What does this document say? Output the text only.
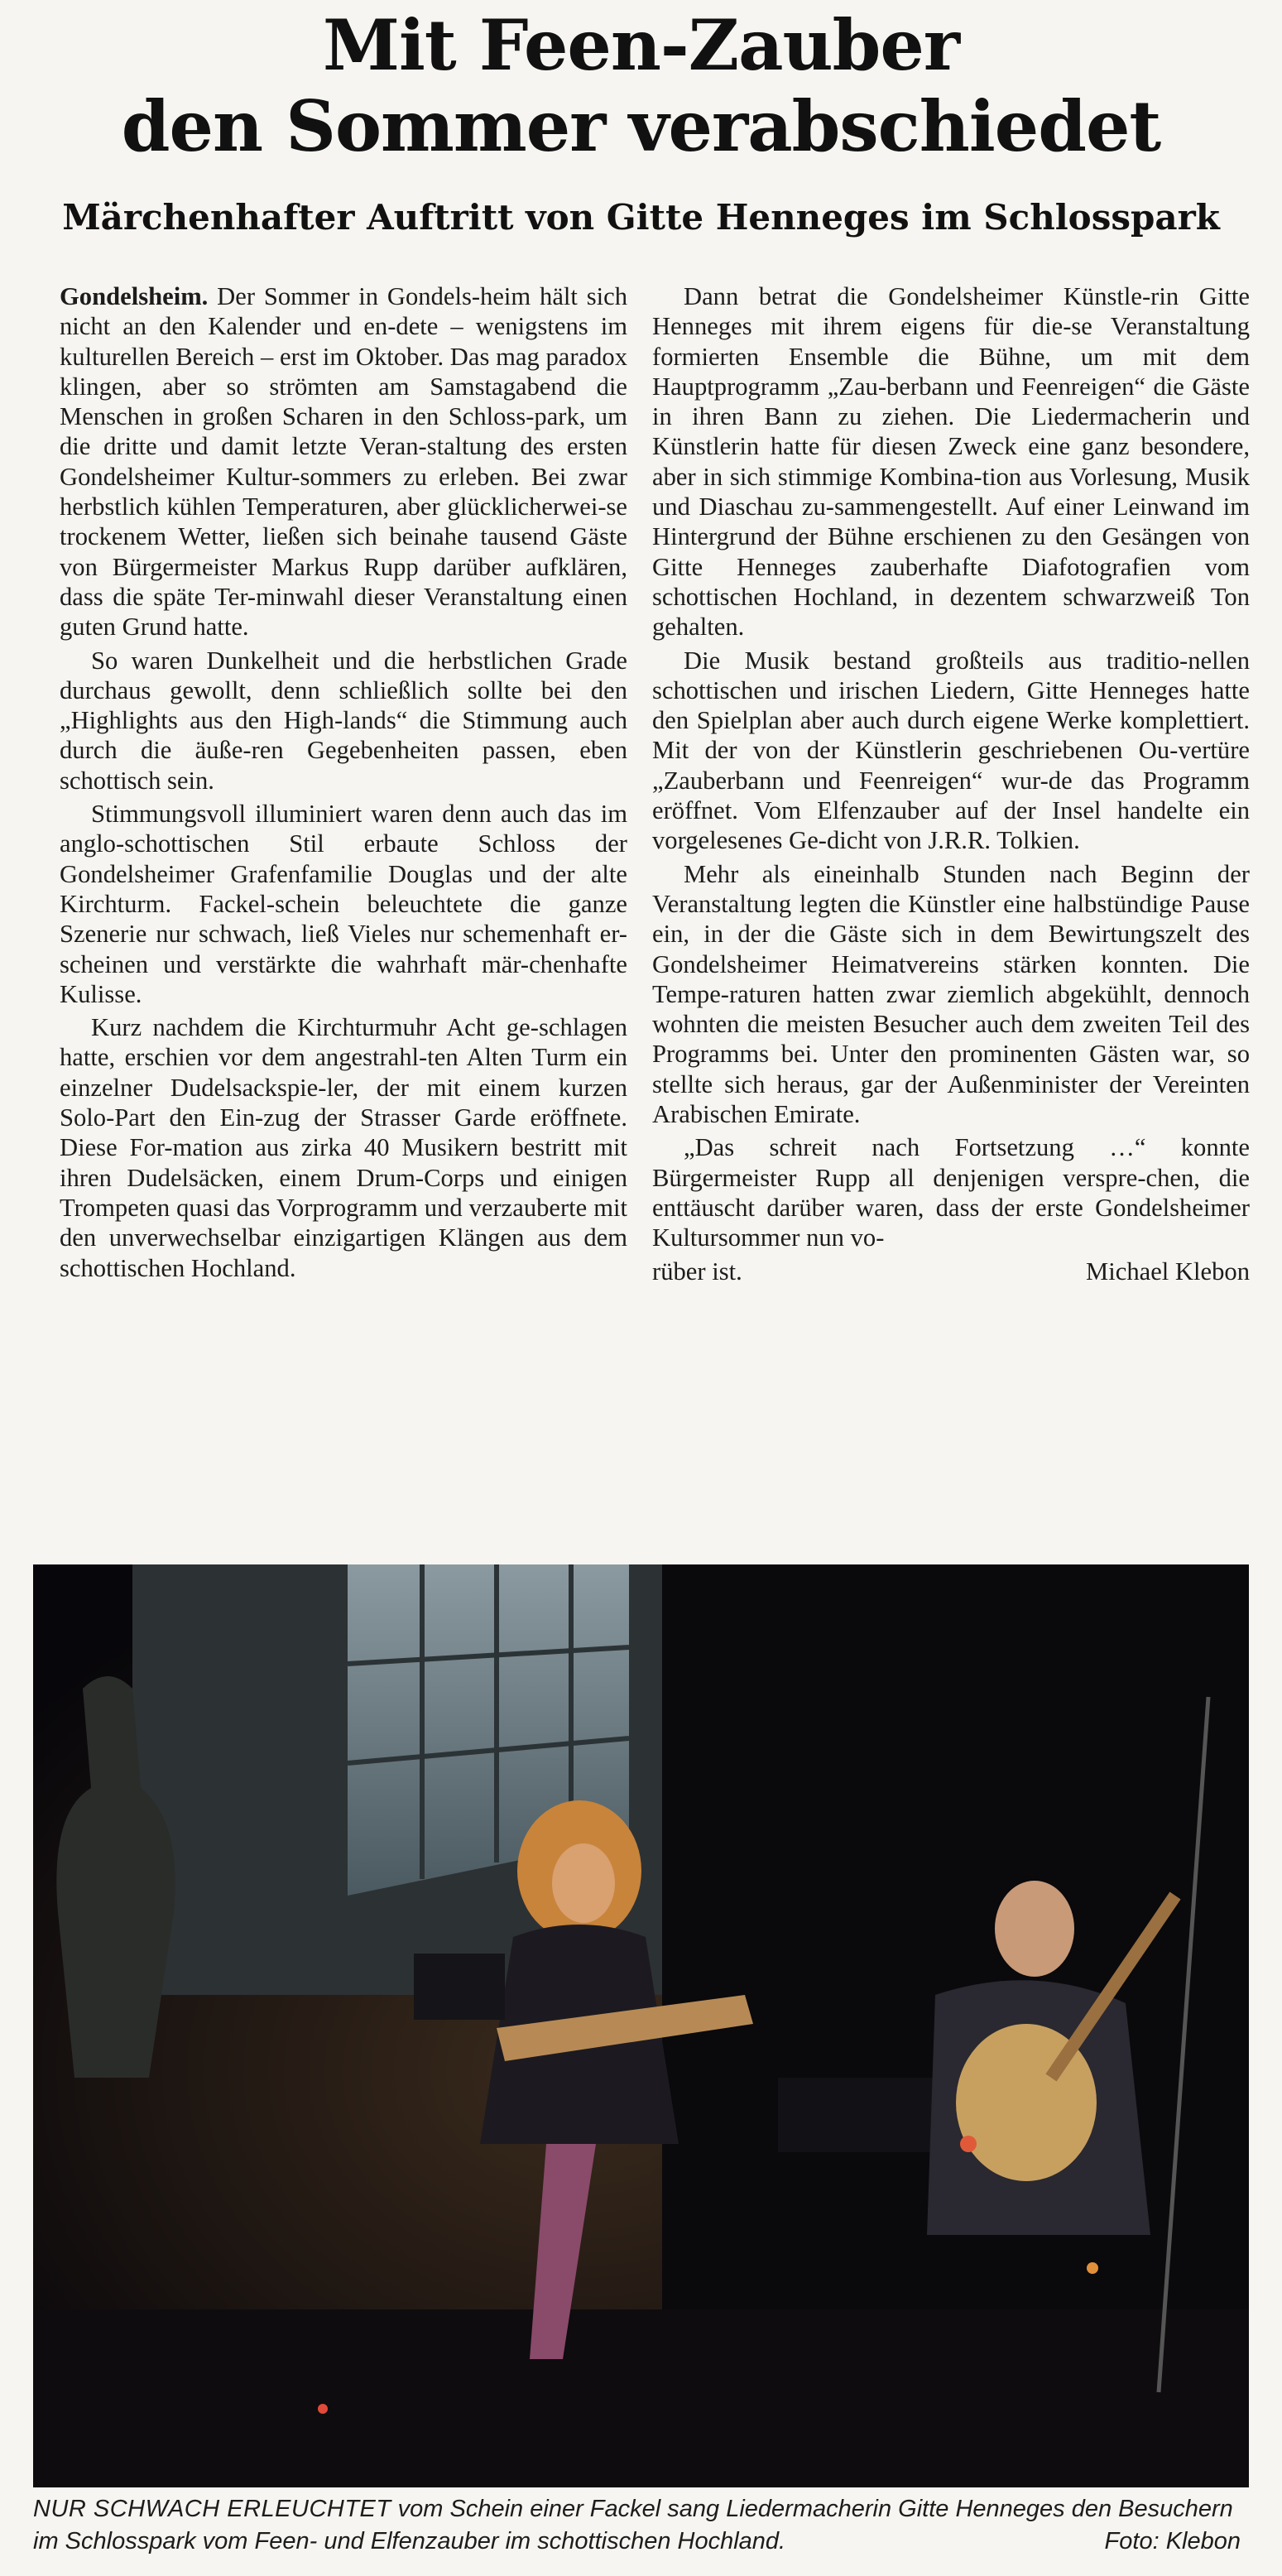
Mit Feen-Zauber
den Sommer verabschiedet
Märchenhafter Auftritt von Gitte Henneges im Schlosspark

Gondelsheim. Der Sommer in Gondels-heim hält sich nicht an den Kalender und en-dete – wenigstens im kulturellen Bereich – erst im Oktober. Das mag paradox klingen, aber so strömten am Samstagabend die Menschen in großen Scharen in den Schloss-park, um die dritte und damit letzte Veran-staltung des ersten Gondelsheimer Kultur-sommers zu erleben. Bei zwar herbstlich kühlen Temperaturen, aber glücklicherwei-se trockenem Wetter, ließen sich beinahe tausend Gäste von Bürgermeister Markus Rupp darüber aufklären, dass die späte Ter-minwahl dieser Veranstaltung einen guten Grund hatte.

So waren Dunkelheit und die herbstlichen Grade durchaus gewollt, denn schließlich sollte bei den „Highlights aus den High-lands“ die Stimmung auch durch die äuße-ren Gegebenheiten passen, eben schottisch sein.

Stimmungsvoll illuminiert waren denn auch das im anglo-schottischen Stil erbaute Schloss der Gondelsheimer Grafenfamilie Douglas und der alte Kirchturm. Fackel-schein beleuchtete die ganze Szenerie nur schwach, ließ Vieles nur schemenhaft er-scheinen und verstärkte die wahrhaft mär-chenhafte Kulisse.

Kurz nachdem die Kirchturmuhr Acht ge-schlagen hatte, erschien vor dem angestrahl-ten Alten Turm ein einzelner Dudelsackspie-ler, der mit einem kurzen Solo-Part den Ein-zug der Strasser Garde eröffnete. Diese For-mation aus zirka 40 Musikern bestritt mit ihren Dudelsäcken, einem Drum-Corps und einigen Trompeten quasi das Vorprogramm und verzauberte mit den unverwechselbar einzigartigen Klängen aus dem schottischen Hochland.

Dann betrat die Gondelsheimer Künstle-rin Gitte Henneges mit ihrem eigens für die-se Veranstaltung formierten Ensemble die Bühne, um mit dem Hauptprogramm „Zau-berbann und Feenreigen“ die Gäste in ihren Bann zu ziehen. Die Liedermacherin und Künstlerin hatte für diesen Zweck eine ganz besondere, aber in sich stimmige Kombina-tion aus Vorlesung, Musik und Diaschau zu-sammengestellt. Auf einer Leinwand im Hintergrund der Bühne erschienen zu den Gesängen von Gitte Henneges zauberhafte Diafotografien vom schottischen Hochland, in dezentem schwarzweiß Ton gehalten.

Die Musik bestand großteils aus traditio-nellen schottischen und irischen Liedern, Gitte Henneges hatte den Spielplan aber auch durch eigene Werke komplettiert. Mit der von der Künstlerin geschriebenen Ou-vertüre „Zauberbann und Feenreigen“ wur-de das Programm eröffnet. Vom Elfenzauber auf der Insel handelte ein vorgelesenes Ge-dicht von J.R.R. Tolkien.

Mehr als eineinhalb Stunden nach Beginn der Veranstaltung legten die Künstler eine halbstündige Pause ein, in der die Gäste sich in dem Bewirtungszelt des Gondelsheimer Heimatvereins stärken konnten. Die Tempe-raturen hatten zwar ziemlich abgekühlt, dennoch wohnten die meisten Besucher auch dem zweiten Teil des Programms bei. Unter den prominenten Gästen war, so stellte sich heraus, gar der Außenminister der Vereinten Arabischen Emirate.

„Das schreit nach Fortsetzung …“ konnte Bürgermeister Rupp all denjenigen verspre-chen, die enttäuscht darüber waren, dass der erste Gondelsheimer Kultursommer nun vo-

rüber ist.	Michael Klebon
NUR SCHWACH ERLEUCHTET vom Schein einer Fackel sang Liedermacherin Gitte Henneges den Besuchern im Schlosspark vom Feen- und Elfenzauber im schottischen Hochland.	Foto: Klebon
